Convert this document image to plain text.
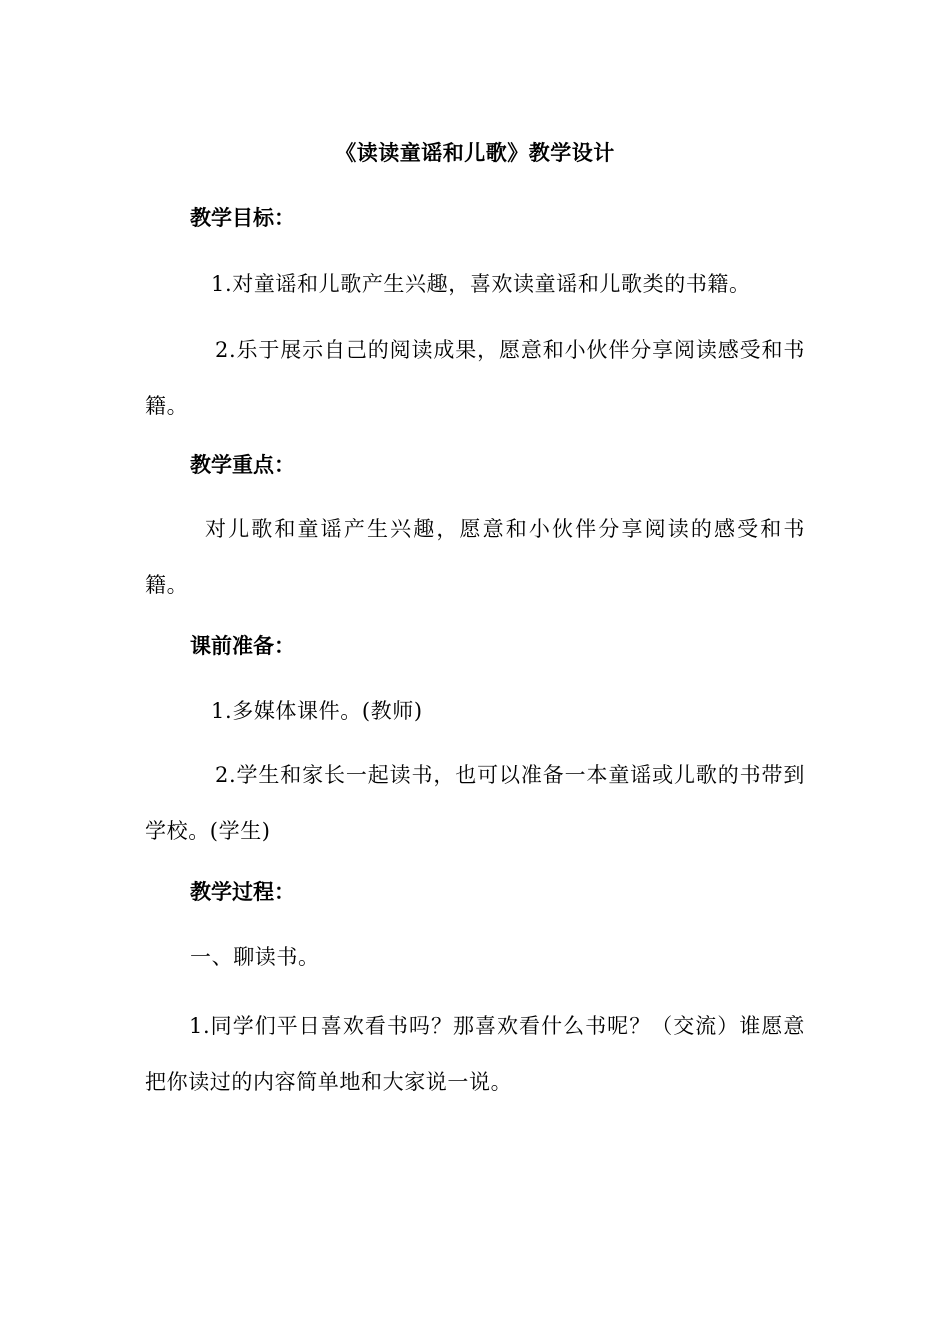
《读读童谣和儿歌》教学设计
教学目标：
1.对童谣和儿歌产生兴趣，喜欢读童谣和儿歌类的书籍。
2.乐于展示自己的阅读成果，愿意和小伙伴分享阅读感受和书籍。
教学重点：
对儿歌和童谣产生兴趣，愿意和小伙伴分享阅读的感受和书籍。
课前准备：
1.多媒体课件。(教师)
2.学生和家长一起读书，也可以准备一本童谣或儿歌的书带到学校。(学生)
教学过程：
一、聊读书。
1.同学们平日喜欢看书吗？那喜欢看什么书呢？（交流）谁愿意把你读过的内容简单地和大家说一说。
